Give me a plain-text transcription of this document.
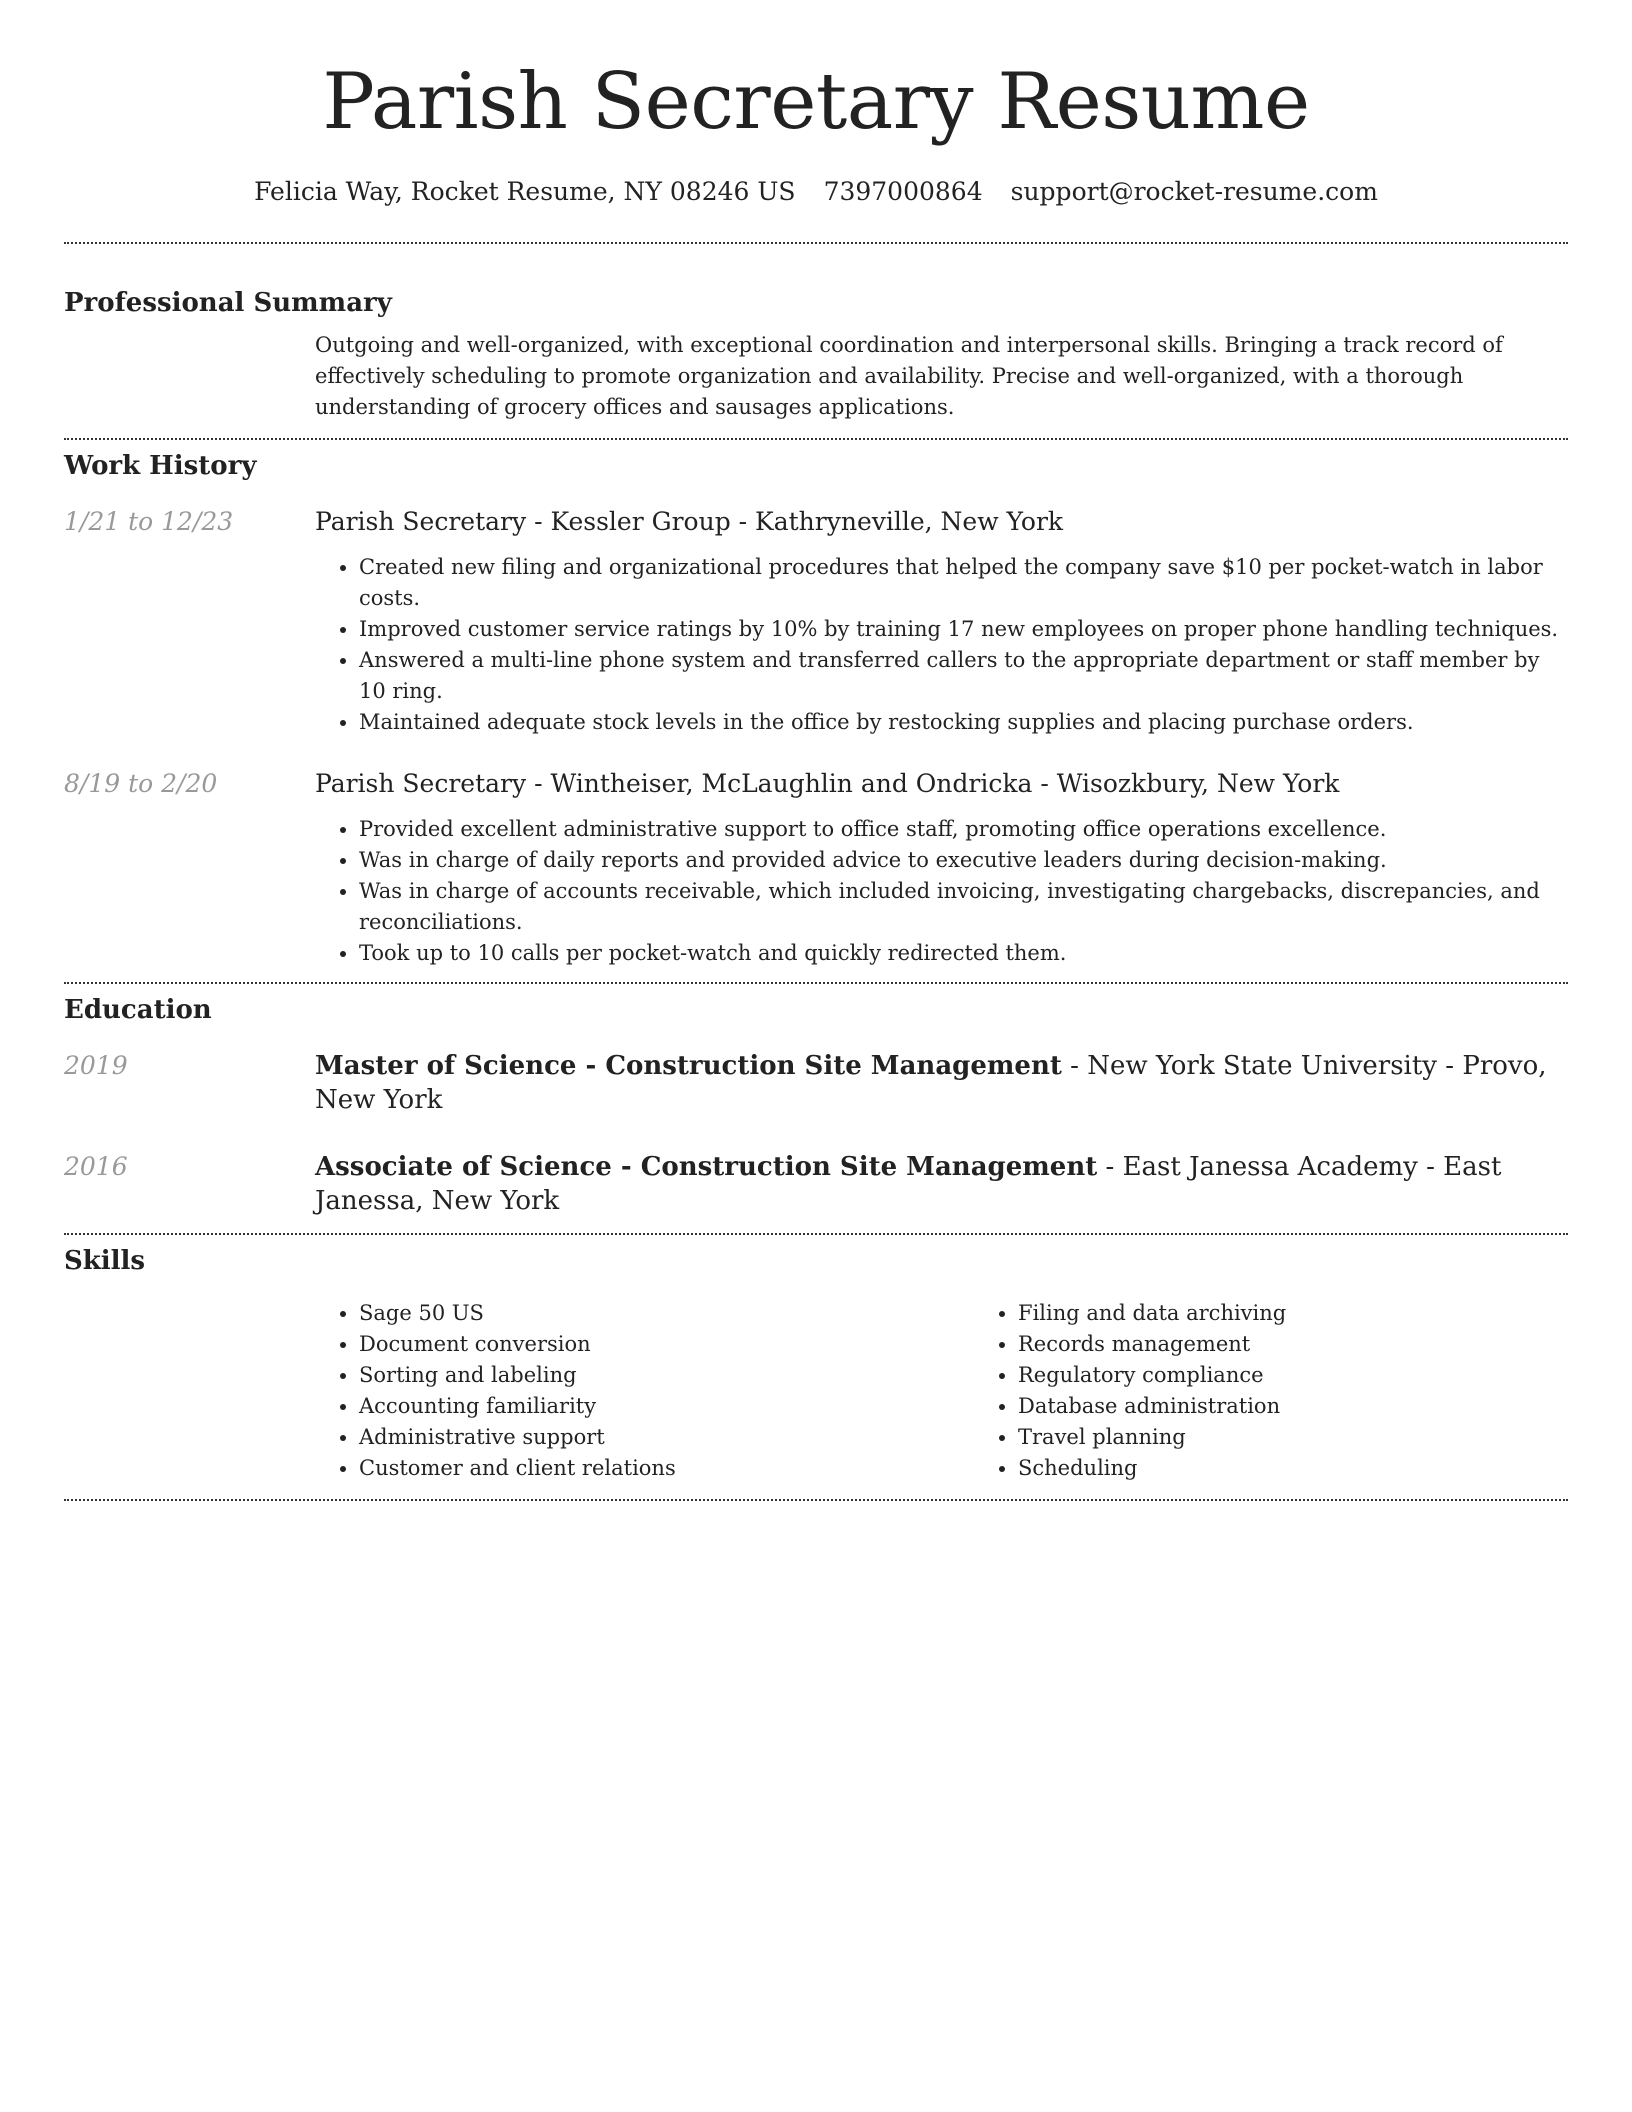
Parish Secretary Resume
Felicia Way, Rocket Resume, NY 08246 US 7397000864 support@rocket-resume.com
Professional Summary
Outgoing and well-organized, with exceptional coordination and interpersonal skills. Bringing a track record of effectively scheduling to promote organization and availability. Precise and well-organized, with a thorough understanding of grocery offices and sausages applications.
Work History
1/21 to 12/23	Parish Secretary - Kessler Group - Kathryneville, New York
• Created new filing and organizational procedures that helped the company save $10 per pocket-watch in labor costs.
• Improved customer service ratings by 10% by training 17 new employees on proper phone handling techniques.
• Answered a multi-line phone system and transferred callers to the appropriate department or staff member by 10 ring.
• Maintained adequate stock levels in the office by restocking supplies and placing purchase orders.
8/19 to 2/20	Parish Secretary - Wintheiser, McLaughlin and Ondricka - Wisozkbury, New York
• Provided excellent administrative support to office staff, promoting office operations excellence.
• Was in charge of daily reports and provided advice to executive leaders during decision-making.
• Was in charge of accounts receivable, which included invoicing, investigating chargebacks, discrepancies, and reconciliations.
• Took up to 10 calls per pocket-watch and quickly redirected them.
Education
2019	Master of Science - Construction Site Management - New York State University - Provo, New York
2016	Associate of Science - Construction Site Management - East Janessa Academy - East Janessa, New York
Skills
• Sage 50 US
• Document conversion
• Sorting and labeling
• Accounting familiarity
• Administrative support
• Customer and client relations
• Filing and data archiving
• Records management
• Regulatory compliance
• Database administration
• Travel planning
• Scheduling
